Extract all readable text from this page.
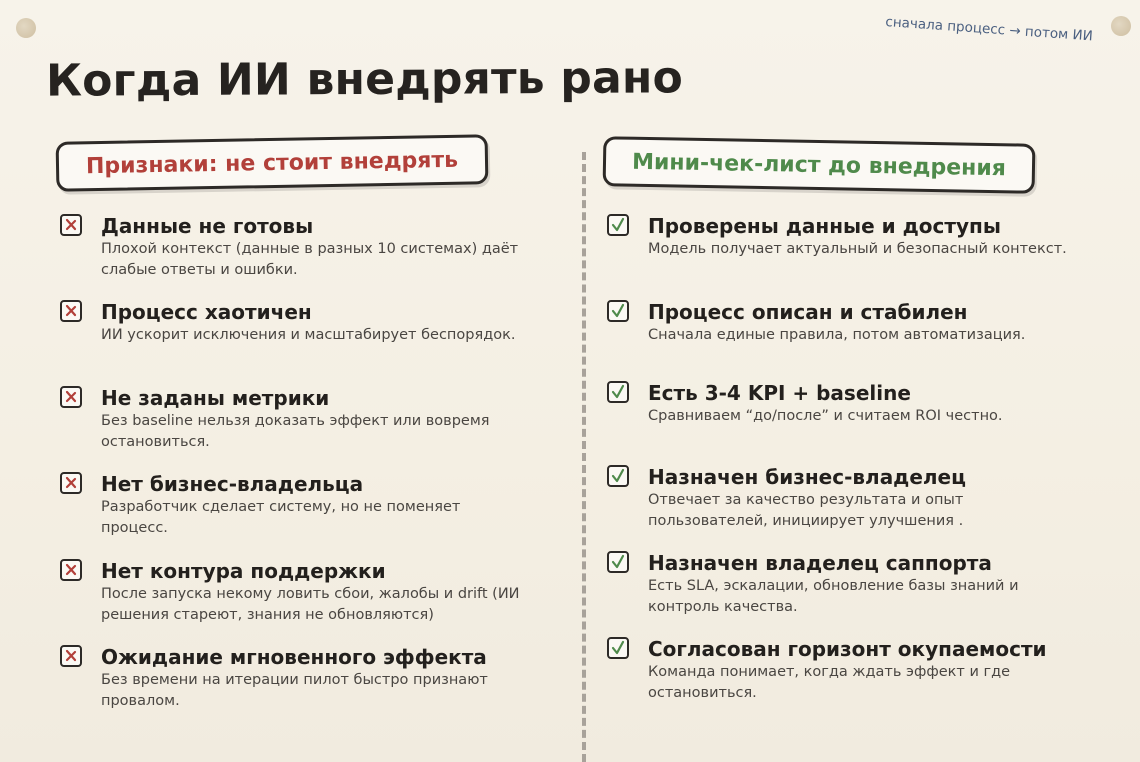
сначала процесс → потом ИИ
Когда ИИ внедрять рано
Признаки: не стоит внедрять	Мини-чек-лист до внедрения
Данные не готовы
Плохой контекст (данные в разных 10 системах) даёт слабые ответы и ошибки.
Процесс хаотичен
ИИ ускорит исключения и масштабирует беспорядок.
Не заданы метрики
Без baseline нельзя доказать эффект или вовремя остановиться.
Нет бизнес-владельца
Разработчик сделает систему, но не поменяет процесс.
Нет контура поддержки
После запуска некому ловить сбои, жалобы и drift (ИИ решения стареют, знания не обновляются)
Ожидание мгновенного эффекта
Без времени на итерации пилот быстро признают провалом.
Проверены данные и доступы
Модель получает актуальный и безопасный контекст.
Процесс описан и стабилен
Сначала единые правила, потом автоматизация.
Есть 3-4 KPI + baseline
Сравниваем “до/после” и считаем ROI честно.
Назначен бизнес-владелец
Отвечает за качество результата и опыт пользователей, инициирует улучшения .
Назначен владелец саппорта
Есть SLA, эскалации, обновление базы знаний и контроль качества.
Согласован горизонт окупаемости
Команда понимает, когда ждать эффект и где остановиться.
